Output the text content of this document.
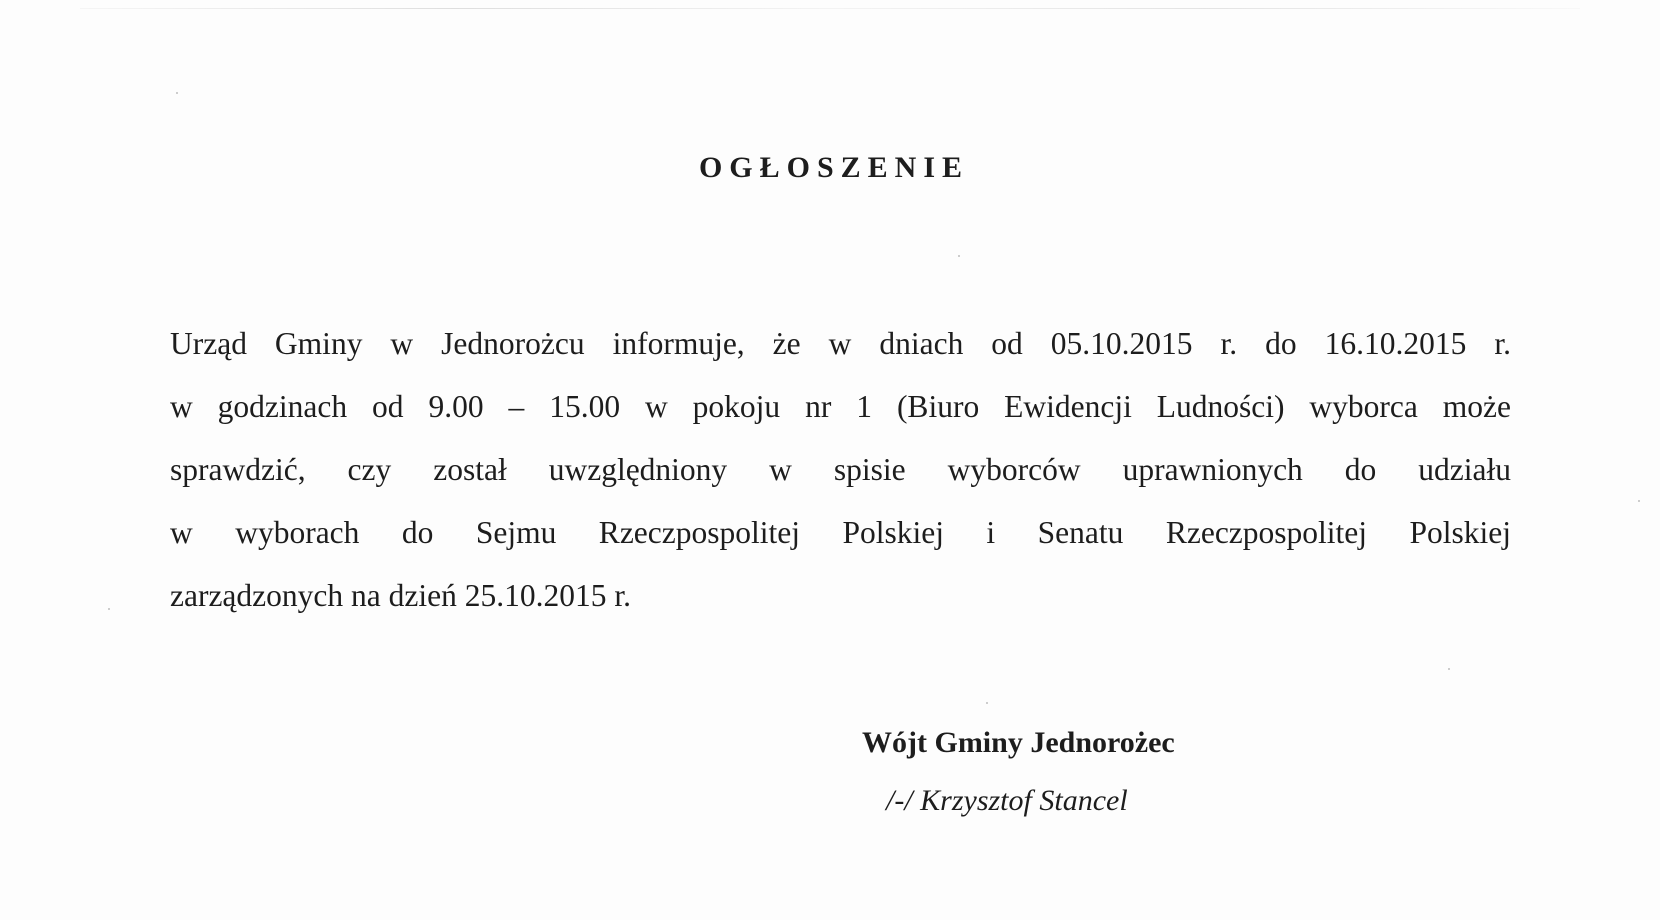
OGŁOSZENIE
Urząd Gminy w Jednorożcu informuje, że w dniach od 05.10.2015 r. do 16.10.2015 r.
w godzinach od 9.00 – 15.00 w pokoju nr 1 (Biuro Ewidencji Ludności) wyborca może
sprawdzić, czy został uwzględniony w spisie wyborców uprawnionych do udziału
w wyborach do Sejmu Rzeczpospolitej Polskiej i Senatu Rzeczpospolitej Polskiej
zarządzonych na dzień 25.10.2015 r.
Wójt Gminy Jednorożec
/-/ Krzysztof Stancel
